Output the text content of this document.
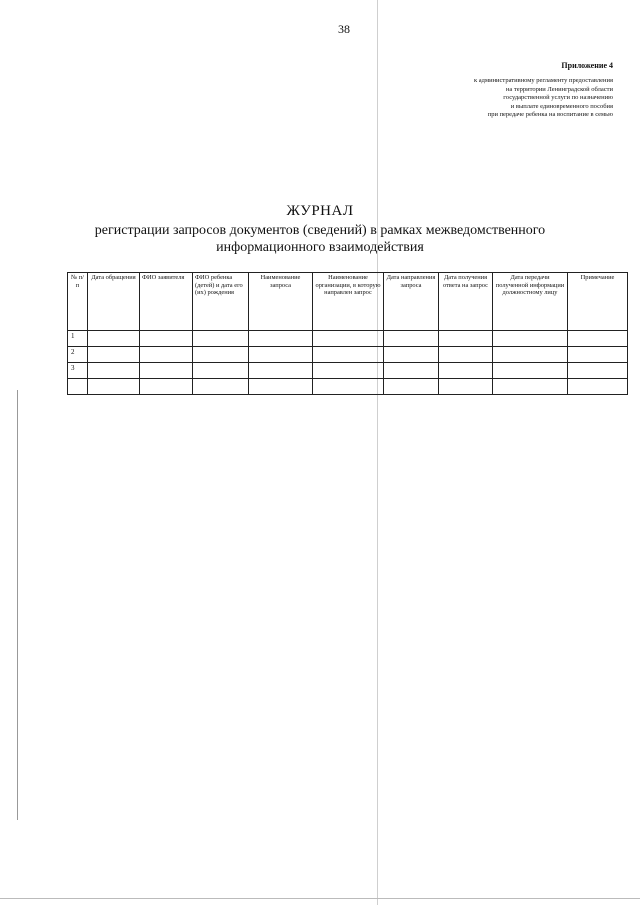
38
Приложение 4
к административному регламенту предоставления
на территории Ленинградской области
государственной услуги по назначению
и выплате единовременного пособия
при передаче ребенка на воспитание в семью
ЖУРНАЛ
регистрации запросов документов (сведений) в рамках межведомственного
информационного взаимодействия
№ п/п	Дата обращения	ФИО заявителя	ФИО ребенка (детей) и дата его (их) рождения	Наименование запроса	Наименование организации, в которую направлен запрос	Дата направления запроса	Дата получения ответа на запрос	Дата передачи полученной информации должностному лицу	Примечание
1									
2									
3									
